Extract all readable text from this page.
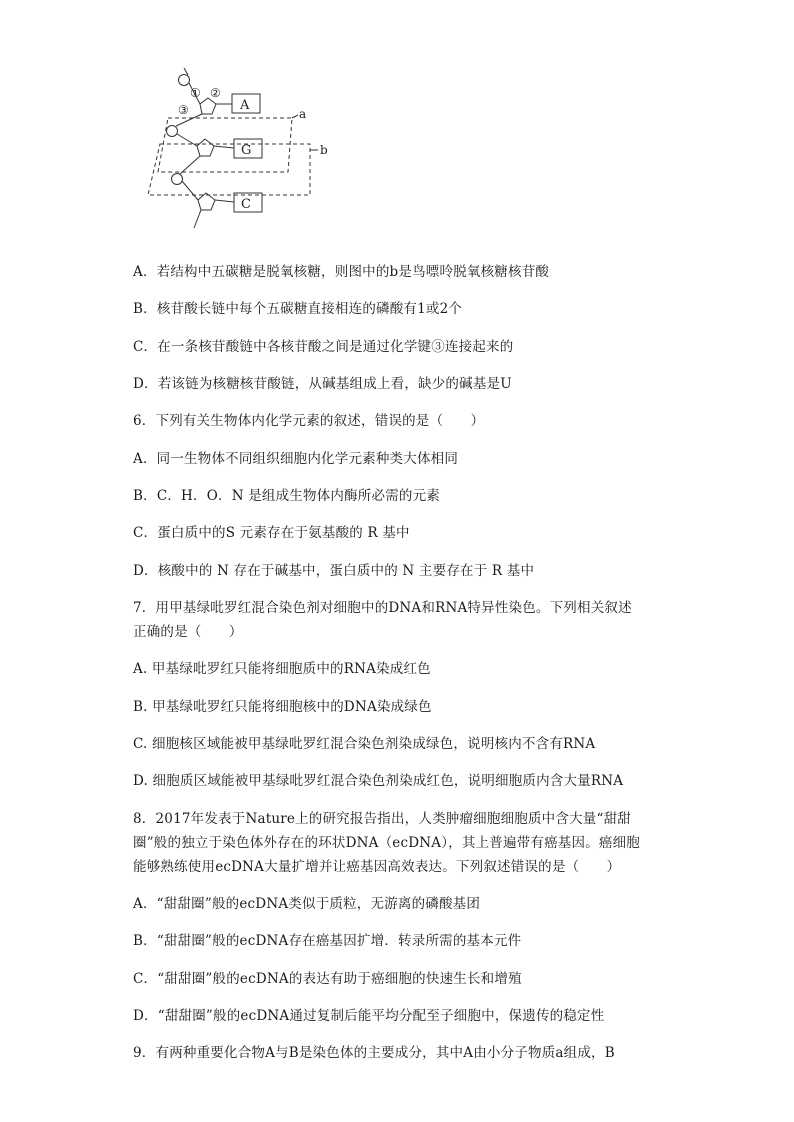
① ②
③	A
G
C
a
b
A．若结构中五碳糖是脱氧核糖，则图中的b是鸟嘌呤脱氧核糖核苷酸
B．核苷酸长链中每个五碳糖直接相连的磷酸有1或2个
C．在一条核苷酸链中各核苷酸之间是通过化学键③连接起来的
D．若该链为核糖核苷酸链，从碱基组成上看，缺少的碱基是U
6．下列有关生物体内化学元素的叙述，错误的是（　　）
A．同一生物体不同组织细胞内化学元素种类大体相同
B．C．H．O．N 是组成生物体内酶所必需的元素
C．蛋白质中的S 元素存在于氨基酸的 R 基中
D．核酸中的 N 存在于碱基中，蛋白质中的 N 主要存在于 R 基中
7．用甲基绿吡罗红混合染色剂对细胞中的DNA和RNA特异性染色。下列相关叙述
正确的是（　　）
A. 甲基绿吡罗红只能将细胞质中的RNA染成红色
B. 甲基绿吡罗红只能将细胞核中的DNA染成绿色
C. 细胞核区域能被甲基绿吡罗红混合染色剂染成绿色，说明核内不含有RNA
D. 细胞质区域能被甲基绿吡罗红混合染色剂染成红色，说明细胞质内含大量RNA
8．2017年发表于Nature上的研究报告指出，人类肿瘤细胞细胞质中含大量“甜甜
圈”般的独立于染色体外存在的环状DNA（ecDNA），其上普遍带有癌基因。癌细胞
能够熟练使用ecDNA大量扩增并让癌基因高效表达。下列叙述错误的是（　　）
A．“甜甜圈”般的ecDNA类似于质粒，无游离的磷酸基团
B．“甜甜圈”般的ecDNA存在癌基因扩增．转录所需的基本元件
C．“甜甜圈”般的ecDNA的表达有助于癌细胞的快速生长和增殖
D．“甜甜圈”般的ecDNA通过复制后能平均分配至子细胞中，保遗传的稳定性
9．有两种重要化合物A与B是染色体的主要成分，其中A由小分子物质a组成，B
